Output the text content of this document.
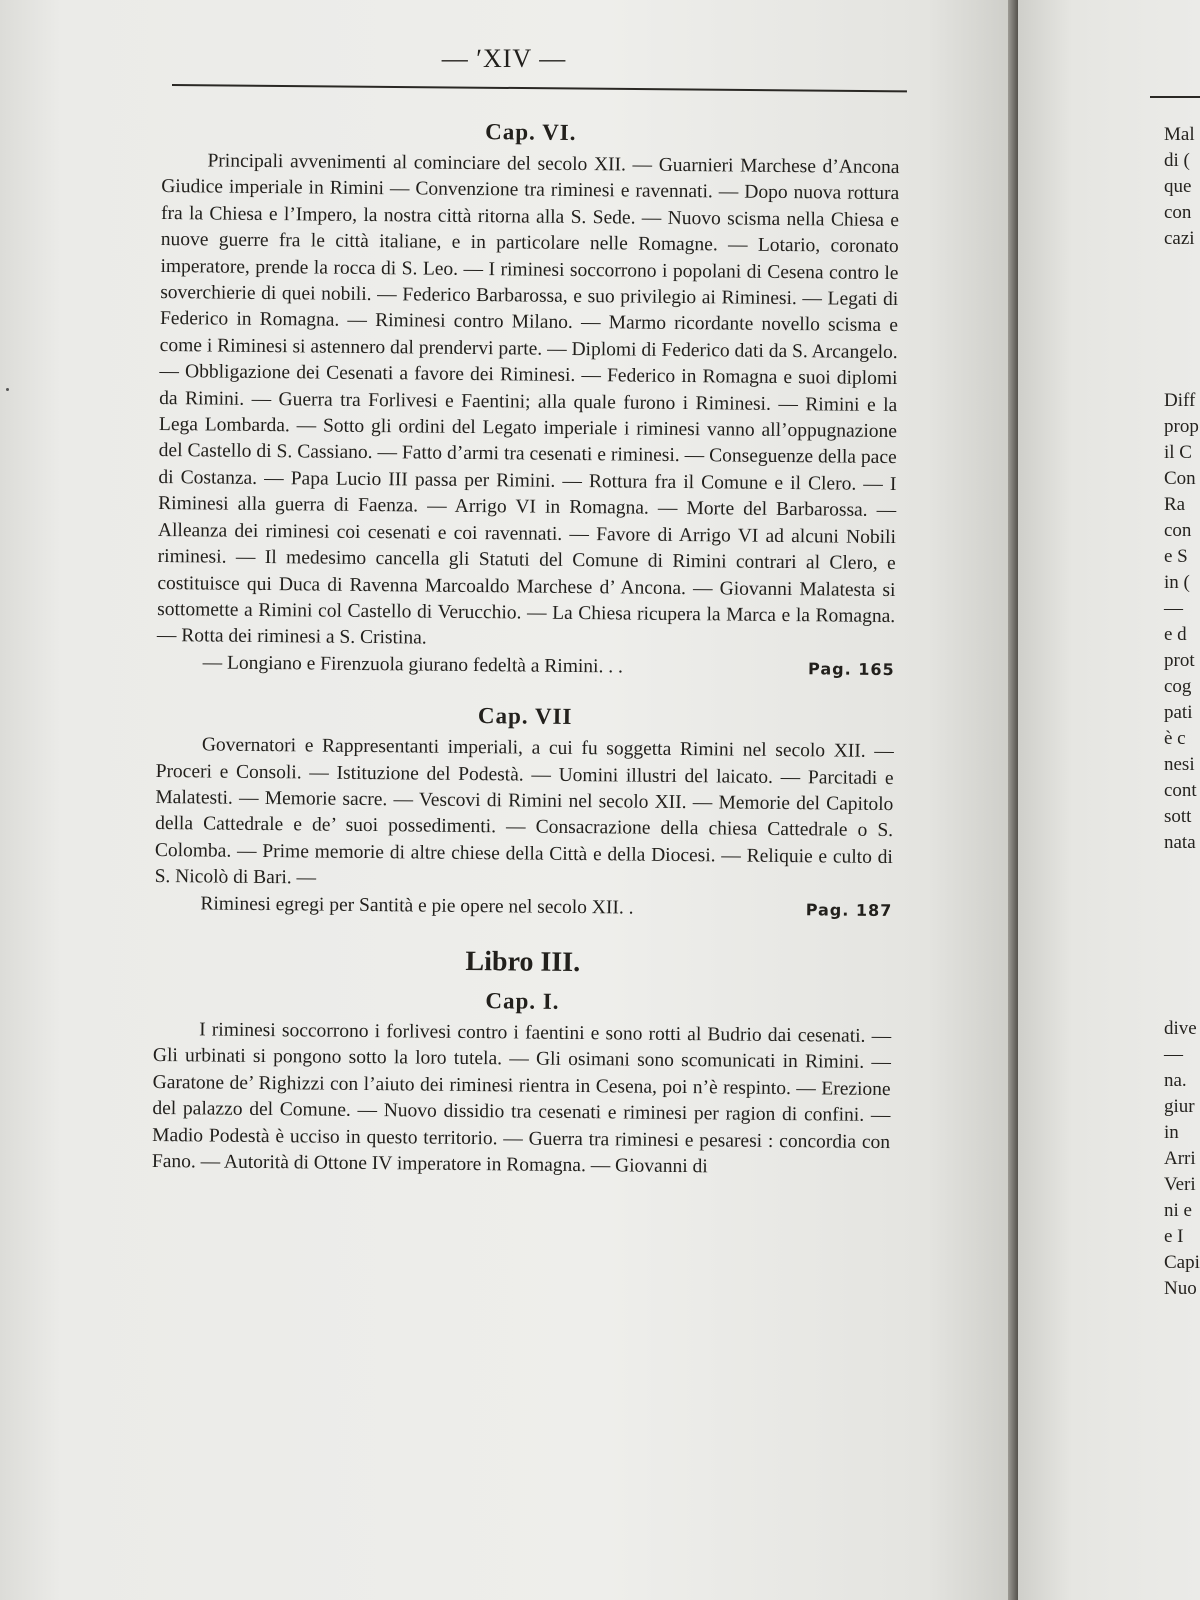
— ʹXIV —
Cap. VI.
Principali avvenimenti al cominciare del secolo XII. — Guarnieri Marchese d’Ancona Giudice imperiale in Rimini — Convenzione tra riminesi e ravennati. — Dopo nuova rottura fra la Chiesa e l’Impero, la nostra città ritorna alla S. Sede. — Nuovo scisma nella Chiesa e nuove guerre fra le città italiane, e in particolare nelle Romagne. — Lotario, coronato imperatore, prende la rocca di S. Leo. — I riminesi soccorrono i popolani di Cesena contro le soverchierie di quei nobili. — Federico Barbarossa, e suo privilegio ai Riminesi. — Legati di Federico in Romagna. — Riminesi contro Milano. — Marmo ricordante novello scisma e come i Riminesi si astennero dal prendervi parte. — Diplomi di Federico dati da S. Arcangelo. — Obbligazione dei Cesenati a favore dei Riminesi. — Federico in Romagna e suoi diplomi da Rimini. — Guerra tra Forlivesi e Faentini; alla quale furono i Riminesi. — Rimini e la Lega Lombarda. — Sotto gli ordini del Legato imperiale i riminesi vanno all’oppugnazione del Castello di S. Cassiano. — Fatto d’armi tra cesenati e riminesi. — Conseguenze della pace di Costanza. — Papa Lucio III passa per Rimini. — Rottura fra il Comune e il Clero. — I Riminesi alla guerra di Faenza. — Arrigo VI in Romagna. — Morte del Barbarossa. — Alleanza dei riminesi coi cesenati e coi ravennati. — Favore di Arrigo VI ad alcuni Nobili riminesi. — Il medesimo cancella gli Statuti del Comune di Rimini contrari al Clero, e costituisce qui Duca di Ravenna Marcoaldo Marchese d’ Ancona. — Giovanni Malatesta si sottomette a Rimini col Castello di Verucchio. — La Chiesa ricupera la Marca e la Romagna. — Rotta dei riminesi a S. Cristina.
— Longiano e Firenzuola giurano fedeltà a Rimini. . .	Pag. 165
Cap. VII
Governatori e Rappresentanti imperiali, a cui fu soggetta Rimini nel secolo XII. — Proceri e Consoli. — Istituzione del Podestà. — Uomini illustri del laicato. — Parcitadi e Malatesti. — Memorie sacre. — Vescovi di Rimini nel secolo XII. — Memorie del Capitolo della Cattedrale e de’ suoi possedimenti. — Consacrazione della chiesa Cattedrale o S. Colomba. — Prime memorie di altre chiese della Città e della Diocesi. — Reliquie e culto di S. Nicolò di Bari. —
Riminesi egregi per Santità e pie opere nel secolo XII. .	Pag. 187
Libro III.
Cap. I.

I riminesi soccorrono i forlivesi contro i faentini e sono rotti al Budrio dai cesenati. — Gli urbinati si pongono sotto la loro tutela. — Gli osimani sono scomunicati in Rimini. — Garatone de’ Righizzi con l’aiuto dei riminesi rientra in Cesena, poi n’è respinto. — Erezione del palazzo del Comune. — Nuovo dissidio tra cesenati e riminesi per ragion di confini. — Madio Podestà è ucciso in questo territorio. — Guerra tra riminesi e pesaresi : concordia con Fano. — Autorità di Ottone IV imperatore in Romagna. — Giovanni di

Mal
di (
que
con
cazi
Diff
prop
il C
Con
Ra
con
e S
in (
—
e d
prot
cog
pati
è c
nesi
cont
sott
nata
dive
—
na.
giur
in
Arri
Veri
ni e
e I
Capi
Nuo
